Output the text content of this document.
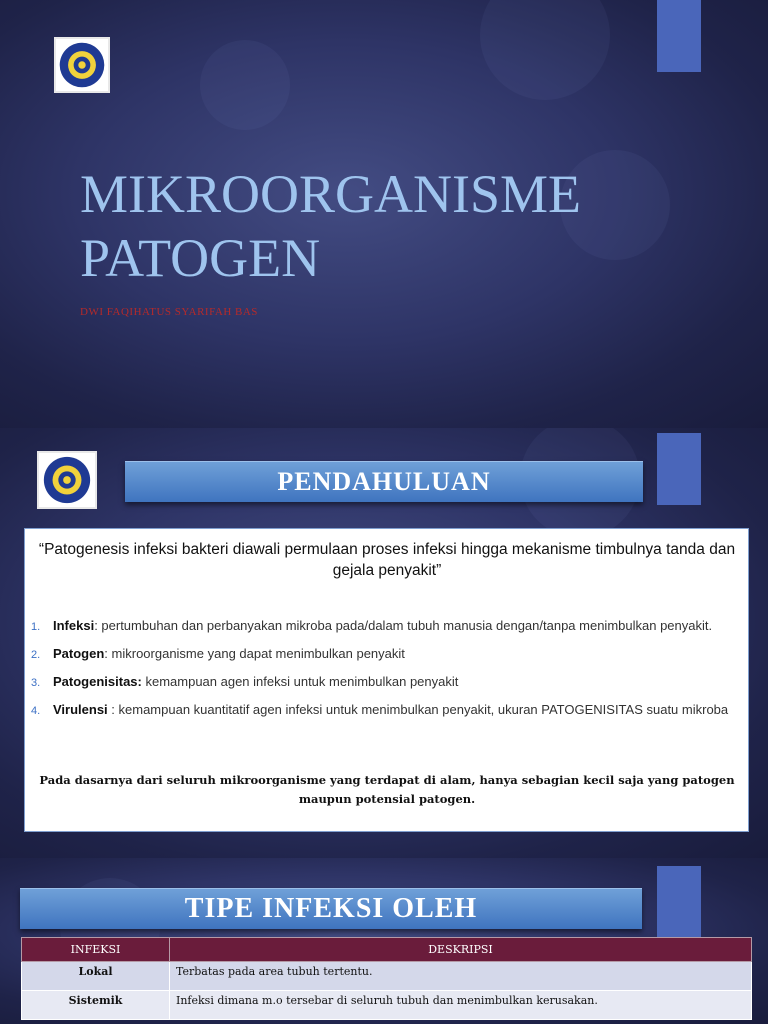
MIKROORGANISME
PATOGEN
DWI FAQIHATUS SYARIFAH BAS
PENDAHULUAN
“Patogenesis infeksi bakteri diawali permulaan proses infeksi hingga mekanisme timbulnya tanda dan gejala penyakit”
1. Infeksi: pertumbuhan dan perbanyakan mikroba pada/dalam tubuh manusia dengan/tanpa menimbulkan penyakit.
2. Patogen: mikroorganisme yang dapat menimbulkan penyakit
3. Patogenisitas: kemampuan agen infeksi untuk menimbulkan penyakit
4. Virulensi : kemampuan kuantitatif agen infeksi untuk menimbulkan penyakit, ukuran PATOGENISITAS suatu mikroba
Pada dasarnya dari seluruh mikroorganisme yang terdapat di alam, hanya sebagian kecil saja yang patogen maupun potensial patogen.
TIPE INFEKSI OLEH
INFEKSI	DESKRIPSI
Lokal	Terbatas pada area tubuh tertentu.
Sistemik	Infeksi dimana m.o tersebar di seluruh tubuh dan menimbulkan kerusakan.
